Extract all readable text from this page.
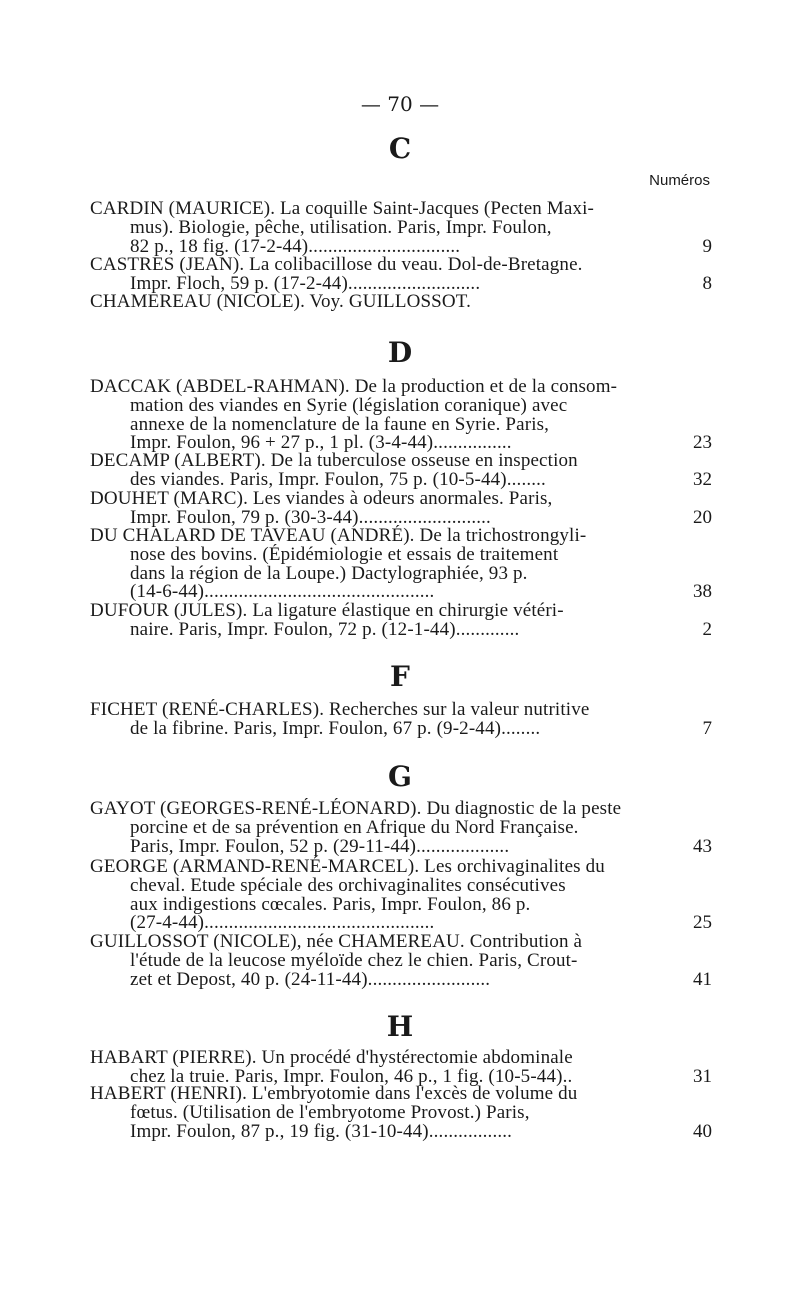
— 70 —
Numéros
C
CARDIN (MAURICE). La coquille Saint-Jacques (Pecten Maxi-
mus). Biologie, pêche, utilisation. Paris, Impr. Foulon,
82 p., 18 fig. (17-2-44)...............................	9
CASTRES (JEAN). La colibacillose du veau. Dol-de-Bretagne.
Impr. Floch, 59 p. (17-2-44)...........................	8
CHAMEREAU (NICOLE). Voy. GUILLOSSOT.
D
DACCAK (ABDEL-RAHMAN). De la production et de la consom-
mation des viandes en Syrie (législation coranique) avec
annexe de la nomenclature de la faune en Syrie. Paris,
Impr. Foulon, 96 + 27 p., 1 pl. (3-4-44)................	23
DECAMP (ALBERT). De la tuberculose osseuse en inspection
des viandes. Paris, Impr. Foulon, 75 p. (10-5-44)........	32
DOUHET (MARC). Les viandes à odeurs anormales. Paris,
Impr. Foulon, 79 p. (30-3-44)...........................	20
DU CHALARD DE TAVEAU (ANDRÉ). De la trichostrongyli-
nose des bovins. (Épidémiologie et essais de traitement
dans la région de la Loupe.) Dactylographiée, 93 p.
(14-6-44)...............................................	38
DUFOUR (JULES). La ligature élastique en chirurgie vétéri-
naire. Paris, Impr. Foulon, 72 p. (12-1-44).............	2
F
FICHET (RENÉ-CHARLES). Recherches sur la valeur nutritive
de la fibrine. Paris, Impr. Foulon, 67 p. (9-2-44)........	7
G
GAYOT (GEORGES-RENÉ-LÉONARD). Du diagnostic de la peste
porcine et de sa prévention en Afrique du Nord Française.
Paris, Impr. Foulon, 52 p. (29-11-44)...................	43
GEORGE (ARMAND-RENÉ-MARCEL). Les orchivaginalites du
cheval. Etude spéciale des orchivaginalites consécutives
aux indigestions cœcales. Paris, Impr. Foulon, 86 p.
(27-4-44)...............................................	25
GUILLOSSOT (NICOLE), née CHAMEREAU. Contribution à
l'étude de la leucose myéloïde chez le chien. Paris, Crout-
zet et Depost, 40 p. (24-11-44).........................	41
H
HABART (PIERRE). Un procédé d'hystérectomie abdominale
chez la truie. Paris, Impr. Foulon, 46 p., 1 fig. (10-5-44)..	31
HABERT (HENRI). L'embryotomie dans l'excès de volume du
fœtus. (Utilisation de l'embryotome Provost.) Paris,
Impr. Foulon, 87 p., 19 fig. (31-10-44).................	40
